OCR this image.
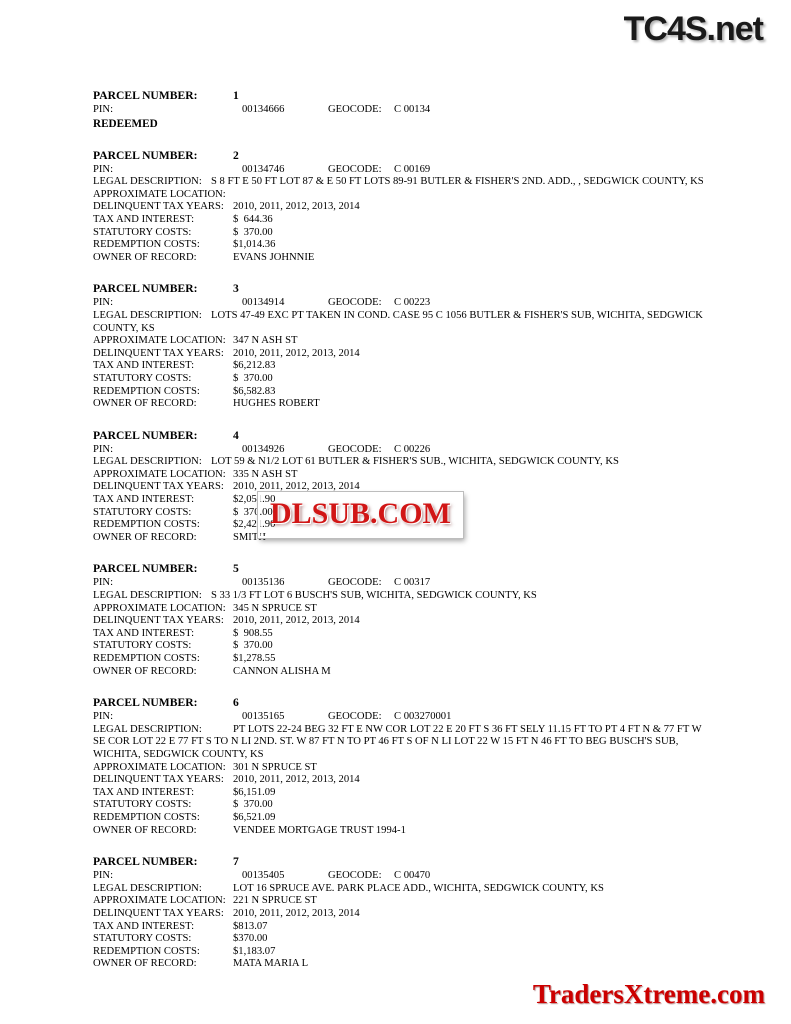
TC4S.net
PARCEL NUMBER:	1
PIN:	00134666	GEOCODE:	C 00134
REDEEMED
PARCEL NUMBER:	2
PIN:	00134746	GEOCODE:	C 00169
LEGAL DESCRIPTION: S 8 FT E 50 FT LOT 87 & E 50 FT LOTS 89-91 BUTLER & FISHER'S 2ND. ADD., , SEDGWICK COUNTY, KS
APPROXIMATE LOCATION:
DELINQUENT TAX YEARS: 2010, 2011, 2012, 2013, 2014
TAX AND INTEREST:	$  644.36
STATUTORY COSTS:	$  370.00
REDEMPTION COSTS:	$1,014.36
OWNER OF RECORD:	EVANS JOHNNIE
PARCEL NUMBER:	3
PIN:	00134914	GEOCODE:	C 00223
LEGAL DESCRIPTION: LOTS 47-49 EXC PT TAKEN IN COND. CASE 95 C 1056 BUTLER & FISHER'S SUB, WICHITA, SEDGWICK
COUNTY, KS
APPROXIMATE LOCATION: 347 N ASH ST
DELINQUENT TAX YEARS: 2010, 2011, 2012, 2013, 2014
TAX AND INTEREST:	$6,212.83
STATUTORY COSTS:	$  370.00
REDEMPTION COSTS:	$6,582.83
OWNER OF RECORD:	HUGHES ROBERT
PARCEL NUMBER:	4
PIN:	00134926	GEOCODE:	C 00226
LEGAL DESCRIPTION: LOT 59 & N1/2 LOT 61 BUTLER & FISHER'S SUB., WICHITA, SEDGWICK COUNTY, KS
APPROXIMATE LOCATION: 335 N ASH ST
DELINQUENT TAX YEARS: 2010, 2011, 2012, 2013, 2014
TAX AND INTEREST:	$2,051.90
STATUTORY COSTS:	$  370.00
REDEMPTION COSTS:	$2,421.90
OWNER OF RECORD:	SMITH
PARCEL NUMBER:	5
PIN:	00135136	GEOCODE:	C 00317
LEGAL DESCRIPTION: S 33 1/3 FT LOT 6 BUSCH'S SUB, WICHITA, SEDGWICK COUNTY, KS
APPROXIMATE LOCATION: 345 N SPRUCE ST
DELINQUENT TAX YEARS: 2010, 2011, 2012, 2013, 2014
TAX AND INTEREST:	$  908.55
STATUTORY COSTS:	$  370.00
REDEMPTION COSTS:	$1,278.55
OWNER OF RECORD:	CANNON ALISHA M
PARCEL NUMBER:	6
PIN:	00135165	GEOCODE:	C 003270001
LEGAL DESCRIPTION:	PT LOTS 22-24 BEG 32 FT E NW COR LOT 22 E 20 FT S 36 FT SELY 11.15 FT TO PT 4 FT N & 77 FT W
SE COR LOT 22 E 77 FT S TO N LI 2ND. ST. W 87 FT N TO PT 46 FT S OF N LI LOT 22 W 15 FT N 46 FT TO BEG BUSCH'S SUB,
WICHITA, SEDGWICK COUNTY, KS
APPROXIMATE LOCATION: 301 N SPRUCE ST
DELINQUENT TAX YEARS: 2010, 2011, 2012, 2013, 2014
TAX AND INTEREST:	$6,151.09
STATUTORY COSTS:	$  370.00
REDEMPTION COSTS:	$6,521.09
OWNER OF RECORD:	VENDEE MORTGAGE TRUST 1994-1
PARCEL NUMBER:	7
PIN:	00135405	GEOCODE:	C 00470
LEGAL DESCRIPTION:	LOT 16 SPRUCE AVE. PARK PLACE ADD., WICHITA, SEDGWICK COUNTY, KS
APPROXIMATE LOCATION: 221 N SPRUCE ST
DELINQUENT TAX YEARS: 2010, 2011, 2012, 2013, 2014
TAX AND INTEREST:	$813.07
STATUTORY COSTS:	$370.00
REDEMPTION COSTS:	$1,183.07
OWNER OF RECORD:	MATA MARIA L
DLSUB.COM
TradersXtreme.com
